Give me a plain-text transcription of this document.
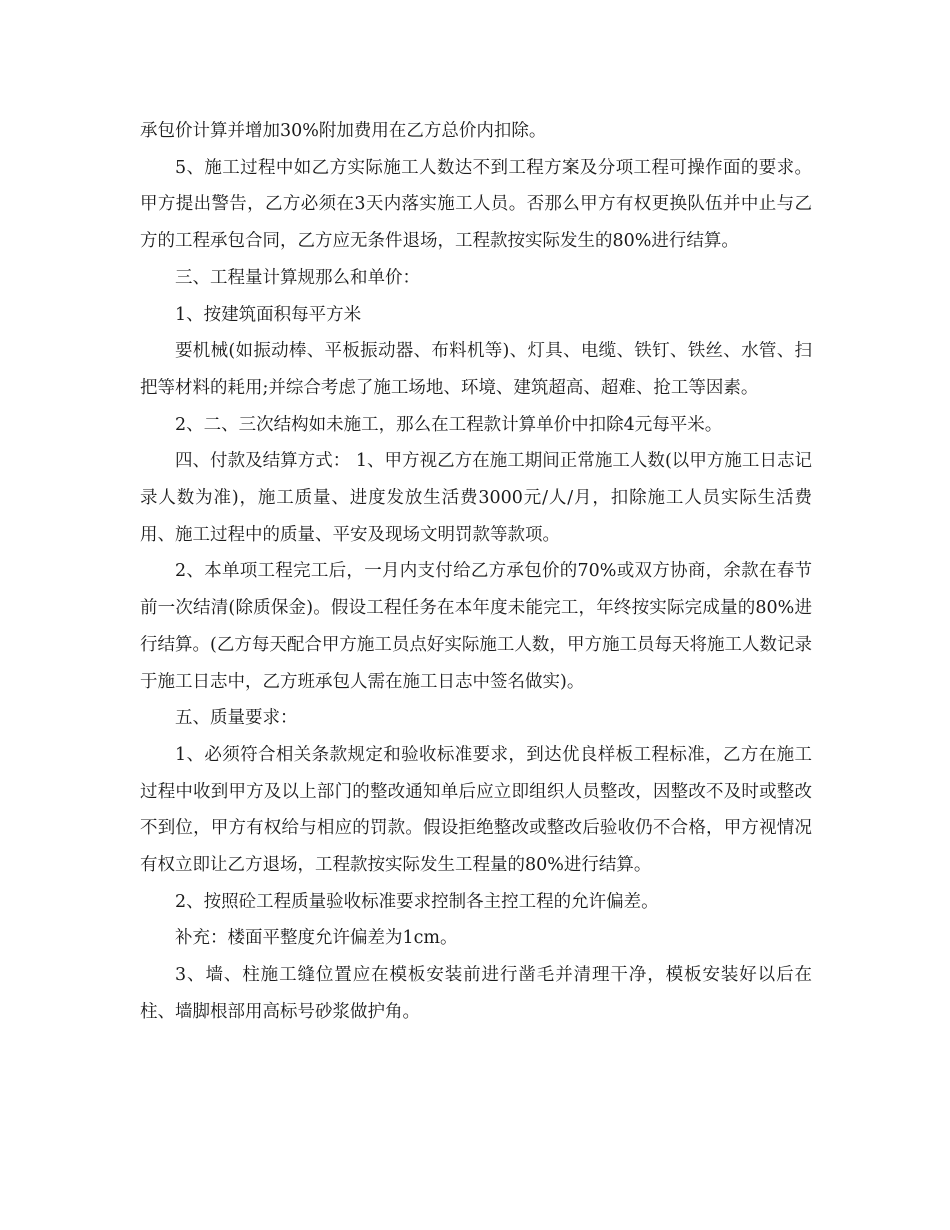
承包价计算并增加30%附加费用在乙方总价内扣除。

5、施工过程中如乙方实际施工人数达不到工程方案及分项工程可操作面的要求。甲方提出警告，乙方必须在3天内落实施工人员。否那么甲方有权更换队伍并中止与乙方的工程承包合同，乙方应无条件退场，工程款按实际发生的80%进行结算。

三、工程量计算规那么和单价：

1、按建筑面积每平方米

要机械(如振动棒、平板振动器、布料机等)、灯具、电缆、铁钉、铁丝、水管、扫把等材料的耗用;并综合考虑了施工场地、环境、建筑超高、超难、抢工等因素。

2、二、三次结构如未施工，那么在工程款计算单价中扣除4元每平米。

四、付款及结算方式： 1、甲方视乙方在施工期间正常施工人数(以甲方施工日志记录人数为准)，施工质量、进度发放生活费3000元/人/月，扣除施工人员实际生活费用、施工过程中的质量、平安及现场文明罚款等款项。

2、本单项工程完工后，一月内支付给乙方承包价的70%或双方协商，余款在春节前一次结清(除质保金)。假设工程任务在本年度未能完工，年终按实际完成量的80%进行结算。(乙方每天配合甲方施工员点好实际施工人数，甲方施工员每天将施工人数记录于施工日志中，乙方班承包人需在施工日志中签名做实)。

五、质量要求：

1、必须符合相关条款规定和验收标准要求，到达优良样板工程标准，乙方在施工过程中收到甲方及以上部门的整改通知单后应立即组织人员整改，因整改不及时或整改不到位，甲方有权给与相应的罚款。假设拒绝整改或整改后验收仍不合格，甲方视情况有权立即让乙方退场，工程款按实际发生工程量的80%进行结算。

2、按照砼工程质量验收标准要求控制各主控工程的允许偏差。

补充：楼面平整度允许偏差为1cm。

3、墙、柱施工缝位置应在模板安装前进行凿毛并清理干净，模板安装好以后在柱、墙脚根部用高标号砂浆做护角。
